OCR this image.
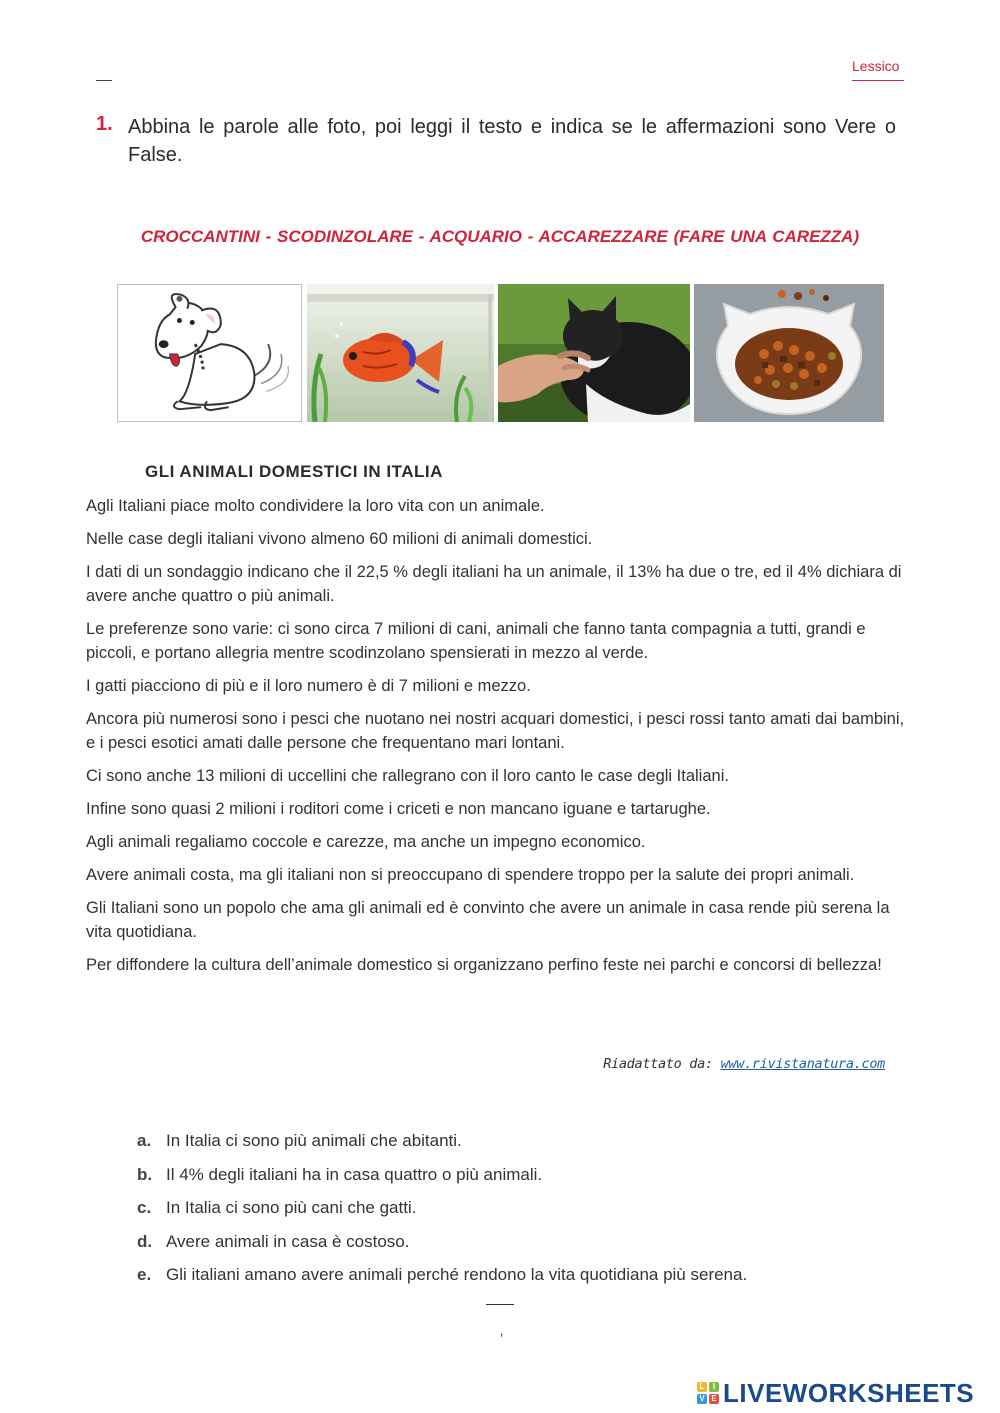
Lessico
1. Abbina le parole alle foto, poi leggi il testo e indica se le affermazioni sono Vere o False.
CROCCANTINI - SCODINZOLARE - ACQUARIO - ACCAREZZARE (FARE UNA CAREZZA)
GLI ANIMALI DOMESTICI IN ITALIA

Agli Italiani piace molto condividere la loro vita con un animale.

Nelle case degli italiani vivono almeno 60 milioni di animali domestici.

I dati di un sondaggio indicano che il 22,5 % degli italiani ha un animale, il 13% ha due o tre, ed il 4% dichiara di avere anche quattro o più animali.

Le preferenze sono varie: ci sono circa 7 milioni di cani, animali che fanno tanta compagnia a tutti, grandi e piccoli, e portano allegria mentre scodinzolano spensierati in mezzo al verde.

I gatti piacciono di più e il loro numero è di 7 milioni e mezzo.

Ancora più numerosi sono i pesci che nuotano nei nostri acquari domestici, i pesci rossi tanto amati dai bambini, e i pesci esotici amati dalle persone che frequentano mari lontani.

Ci sono anche 13 milioni di uccellini che rallegrano con il loro canto le case degli Italiani.

Infine sono quasi 2 milioni i roditori come i criceti e non mancano iguane e tartarughe.

Agli animali regaliamo coccole e carezze, ma anche un impegno economico.

Avere animali costa, ma gli italiani non si preoccupano di spendere troppo per la salute dei propri animali.

Gli Italiani sono un popolo che ama gli animali ed è convinto che avere un animale in casa rende più serena la vita quotidiana.

Per diffondere la cultura dell’animale domestico si organizzano perfino feste nei parchi e concorsi di bellezza!

Riadattato da: www.rivistanatura.com
a. In Italia ci sono più animali che abitanti.
b. Il 4% degli italiani ha in casa quattro o più animali.
c. In Italia ci sono più cani che gatti.
d. Avere animali in casa è costoso.
e. Gli italiani amano avere animali perché rendono la vita quotidiana più serena.
‚
L	I
V E LIVEWORKSHEETS
